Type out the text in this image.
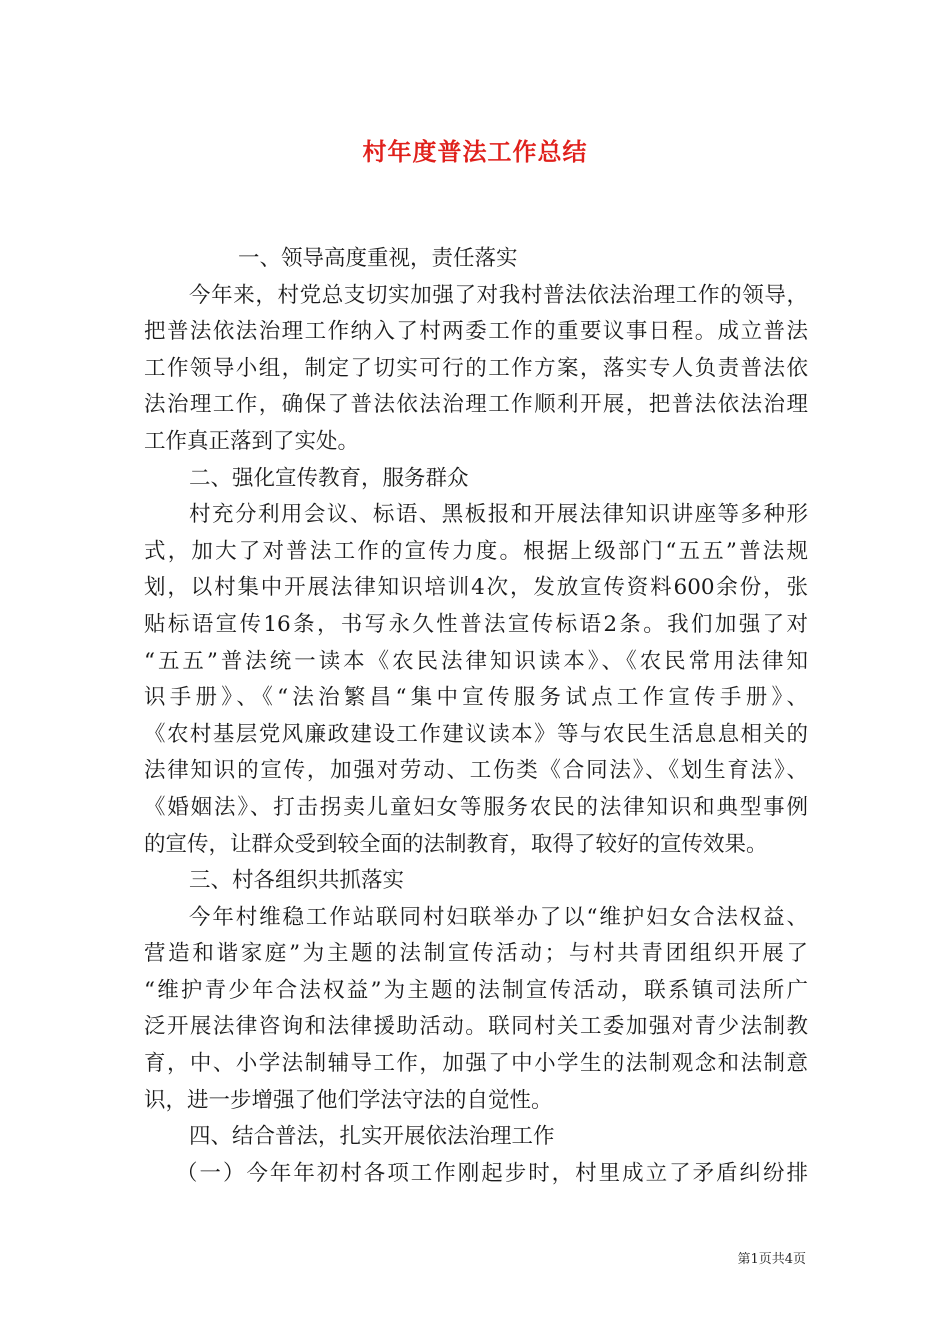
村年度普法工作总结
一、领导高度重视，责任落实
今年来，村党总支切实加强了对我村普法依法治理工作的领导，
把普法依法治理工作纳入了村两委工作的重要议事日程。成立普法
工作领导小组，制定了切实可行的工作方案，落实专人负责普法依
法治理工作，确保了普法依法治理工作顺利开展，把普法依法治理
工作真正落到了实处。
二、强化宣传教育，服务群众
村充分利用会议、标语、黑板报和开展法律知识讲座等多种形
式，加大了对普法工作的宣传力度。根据上级部门“五五”普法规
划，以村集中开展法律知识培训4次，发放宣传资料600余份，张
贴标语宣传16条，书写永久性普法宣传标语2条。我们加强了对
“五五”普法统一读本《农民法律知识读本》、《农民常用法律知
识手册》、《“法治繁昌“集中宣传服务试点工作宣传手册》、
《农村基层党风廉政建设工作建议读本》等与农民生活息息相关的
法律知识的宣传，加强对劳动、工伤类《合同法》、《划生育法》、
《婚姻法》、打击拐卖儿童妇女等服务农民的法律知识和典型事例
的宣传，让群众受到较全面的法制教育，取得了较好的宣传效果。
三、村各组织共抓落实
今年村维稳工作站联同村妇联举办了以“维护妇女合法权益、
营造和谐家庭”为主题的法制宣传活动；与村共青团组织开展了
“维护青少年合法权益”为主题的法制宣传活动，联系镇司法所广
泛开展法律咨询和法律援助活动。联同村关工委加强对青少法制教
育，中、小学法制辅导工作，加强了中小学生的法制观念和法制意
识，进一步增强了他们学法守法的自觉性。
四、结合普法，扎实开展依法治理工作
（一）今年年初村各项工作刚起步时，村里成立了矛盾纠纷排
第1页共4页
